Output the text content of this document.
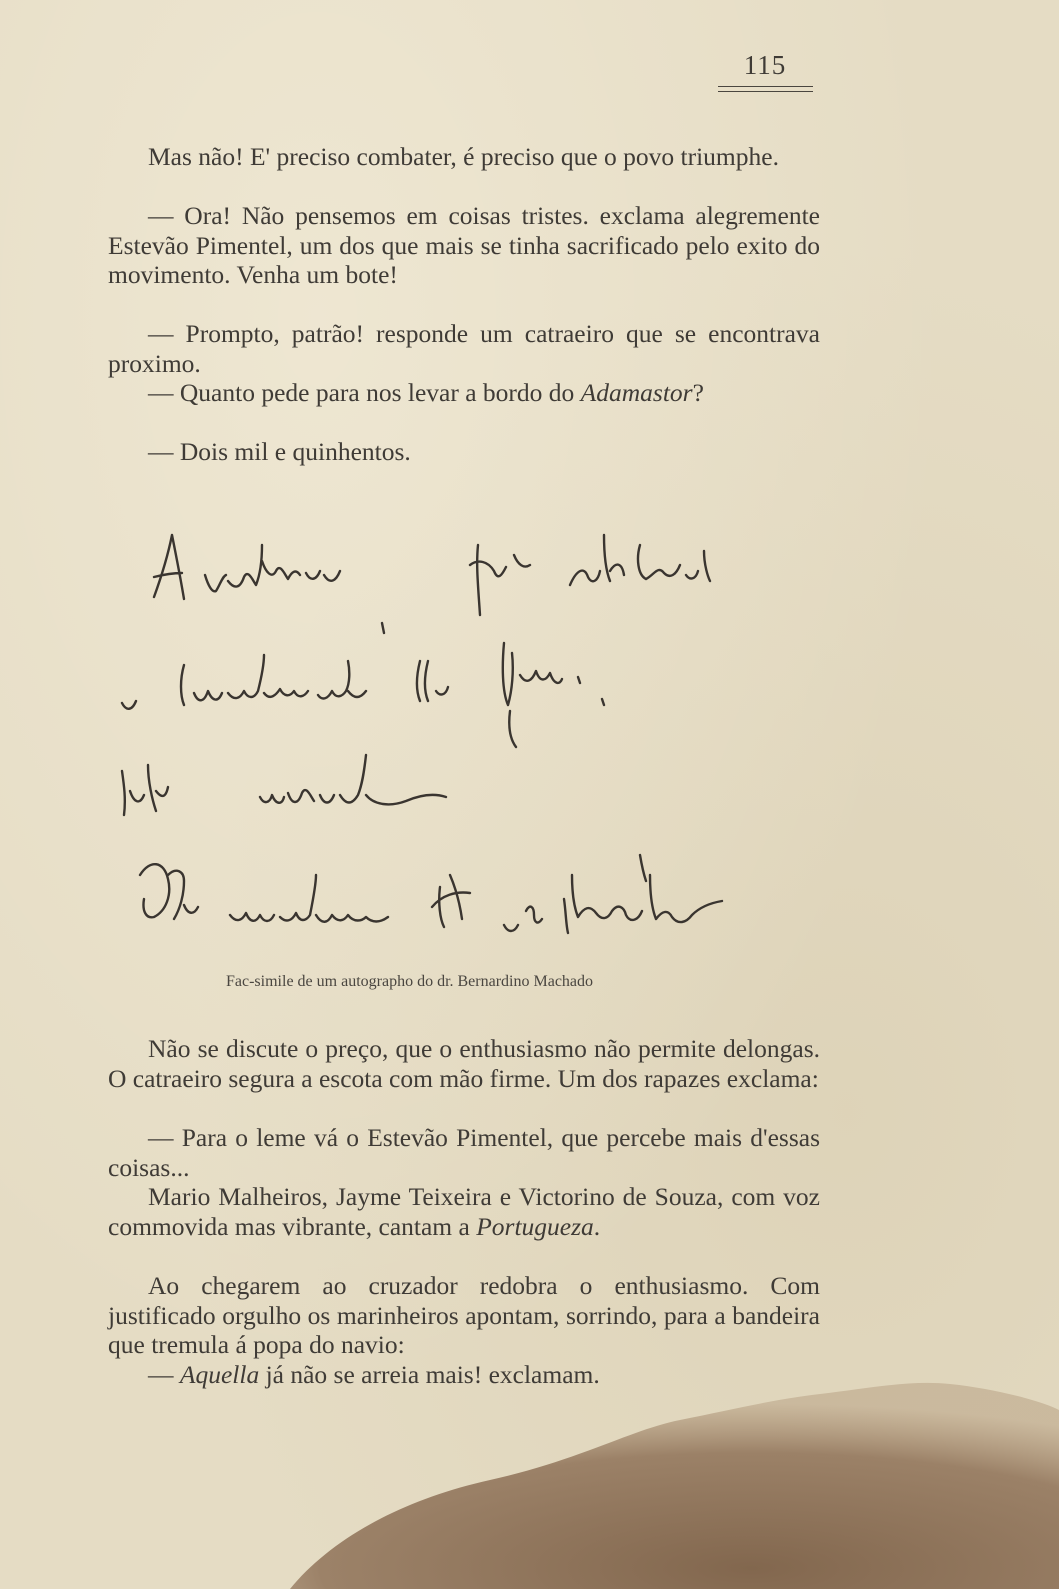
115

Mas não! E' preciso combater, é preciso que o povo triumphe.

— Ora! Não pensemos em coisas tristes. exclama alegremente Estevão Pimentel, um dos que mais se tinha sacrificado pelo exito do movimento. Venha um bote!

— Prompto, patrão! responde um catraeiro que se encontrava proximo.

— Quanto pede para nos levar a bordo do Adamastor?

— Dois mil e quinhentos.

Fac-simile de um autographo do dr. Bernardino Machado

Não se discute o preço, que o enthusiasmo não permite delongas. O catraeiro segura a escota com mão firme. Um dos rapazes exclama:

— Para o leme vá o Estevão Pimentel, que percebe mais d'essas coisas...

Mario Malheiros, Jayme Teixeira e Victorino de Souza, com voz commovida mas vibrante, cantam a Portugueza.

Ao chegarem ao cruzador redobra o enthusiasmo. Com justificado orgulho os marinheiros apontam, sorrindo, para a bandeira que tremula á popa do navio:

— Aquella já não se arreia mais! exclamam.
